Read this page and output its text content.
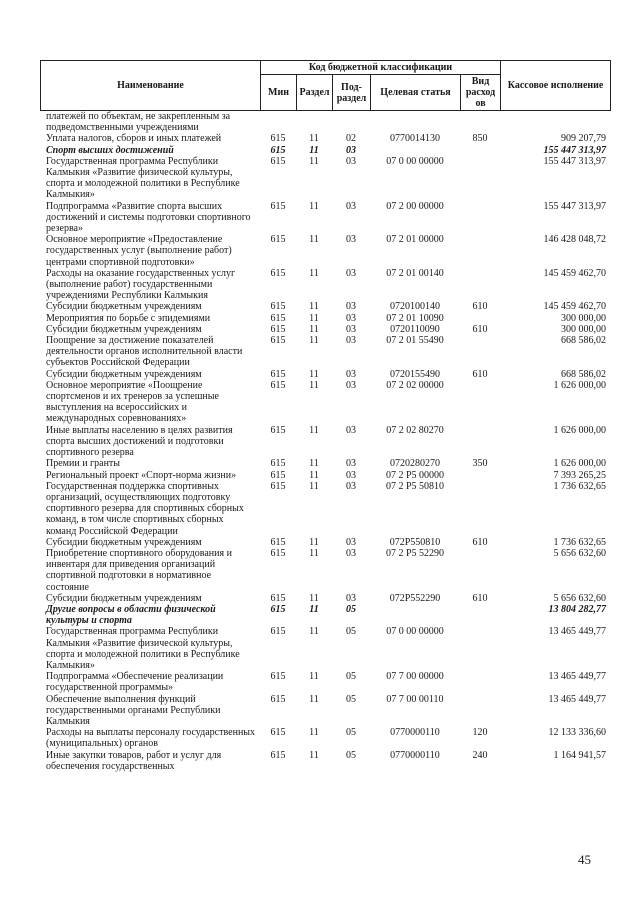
Наименование	Код бюджетной классификации					Кассовое исполнение
	Мин	Раздел	Под-раздел	Целевая статья	Вид расход ов	
платежей по объектам, не закрепленным за подведомственными учреждениями						
Уплата налогов, сборов и иных платежей	615	11	02	0770014130	850	909 207,79
Спорт высших достижений	615	11	03			155 447 313,97
Государственная программа Республики Калмыкия «Развитие физической культуры, спорта и молодежной политики в Республике Калмыкия»	615	11	03	07 0 00 00000		155 447 313,97
Подпрограмма «Развитие спорта высших достижений и системы подготовки спортивного резерва»	615	11	03	07 2 00 00000		155 447 313,97
Основное мероприятие «Предоставление государственных услуг (выполнение работ) центрами спортивной подготовки»	615	11	03	07 2 01 00000		146 428 048,72
Расходы на оказание государственных услуг (выполнение работ) государственными учреждениями Республики Калмыкия	615	11	03	07 2 01 00140		145 459 462,70
Субсидии бюджетным учреждениям	615	11	03	0720100140	610	145 459 462,70
Мероприятия по борьбе с эпидемиями	615	11	03	07 2 01 10090		300 000,00
Субсидии бюджетным учреждениям	615	11	03	0720110090	610	300 000,00
Поощрение за достижение показателей деятельности органов исполнительной власти субъектов Российской Федерации	615	11	03	07 2 01 55490		668 586,02
Субсидии бюджетным учреждениям	615	11	03	0720155490	610	668 586,02
Основное мероприятие «Поощрение спортсменов и их тренеров за успешные выступления на всероссийских и международных соревнованиях»	615	11	03	07 2 02 00000		1 626 000,00
Иные выплаты населению в целях развития спорта высших достижений и подготовки спортивного резерва	615	11	03	07 2 02 80270		1 626 000,00
Премии и гранты	615	11	03	0720280270	350	1 626 000,00
Региональный проект «Спорт-норма жизни»	615	11	03	07 2 P5 00000		7 393 265,25
Государственная поддержка спортивных организаций, осуществляющих подготовку спортивного резерва для спортивных сборных команд, в том числе спортивных сборных команд Российской Федерации	615	11	03	07 2 P5 50810		1 736 632,65
Субсидии бюджетным учреждениям	615	11	03	072P550810	610	1 736 632,65
Приобретение спортивного оборудования и инвентаря для приведения организаций спортивной подготовки в нормативное состояние	615	11	03	07 2 P5 52290		5 656 632,60
Субсидии бюджетным учреждениям	615	11	03	072P552290	610	5 656 632,60
Другие вопросы в области физической культуры и спорта	615	11	05			13 804 282,77
Государственная программа Республики Калмыкия «Развитие физической культуры, спорта и молодежной политики в Республике Калмыкия»	615	11	05	07 0 00 00000		13 465 449,77
Подпрограмма «Обеспечение реализации государственной программы»	615	11	05	07 7 00 00000		13 465 449,77
Обеспечение выполнения функций государственными органами Республики Калмыкия	615	11	05	07 7 00 00110		13 465 449,77
Расходы на выплаты персоналу государственных (муниципальных) органов	615	11	05	0770000110	120	12 133 336,60
Иные закупки товаров, работ и услуг для обеспечения государственных	615	11	05	0770000110	240	1 164 941,57
45
